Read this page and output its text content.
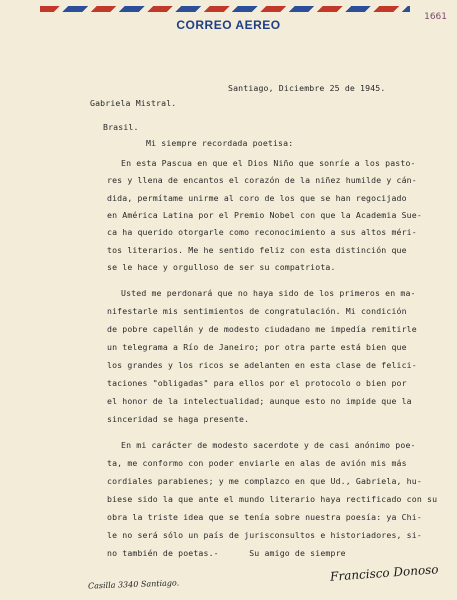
CORREO AEREO
1661
Santiago, Diciembre 25 de 1945.
Gabriela Mistral.
Brasil.
Mi siempre recordada poetisa:
En esta Pascua en que el Dios Niño que sonríe a los pasto-
res y llena de encantos el corazón de la niñez humilde y cán-
dida, permítame unirme al coro de los que se han regocijado
en América Latina por el Premio Nobel con que la Academia Sue-
ca ha querido otorgarle como reconocimiento a sus altos méri-
tos literarios. Me he sentido feliz con esta distinción que
se le hace y orgulloso de ser su compatriota.
Usted me perdonará que no haya sido de los primeros en ma-
nifestarle mis sentimientos de congratulación. Mi condición
de pobre capellán y de modesto ciudadano me impedía remitirle
un telegrama a Río de Janeiro; por otra parte está bien que
los grandes y los ricos se adelanten en esta clase de felici-
taciones "obligadas" para ellos por el protocolo o bien por
el honor de la intelectualidad; aunque esto no impide que la
sinceridad se haga presente.
En mi carácter de modesto sacerdote y de casi anónimo poe-
ta, me conformo con poder enviarle en alas de avión mis más
cordiales parabienes; y me complazco en que Ud., Gabriela, hu-
biese sido la que ante el mundo literario haya rectificado con su
obra la triste idea que se tenía sobre nuestra poesía: ya Chi-
le no será sólo un país de jurisconsultos e historiadores, si-
no también de poetas.-      Su amigo de siempre
Francisco Donoso
Casilla 3340 Santiago.
